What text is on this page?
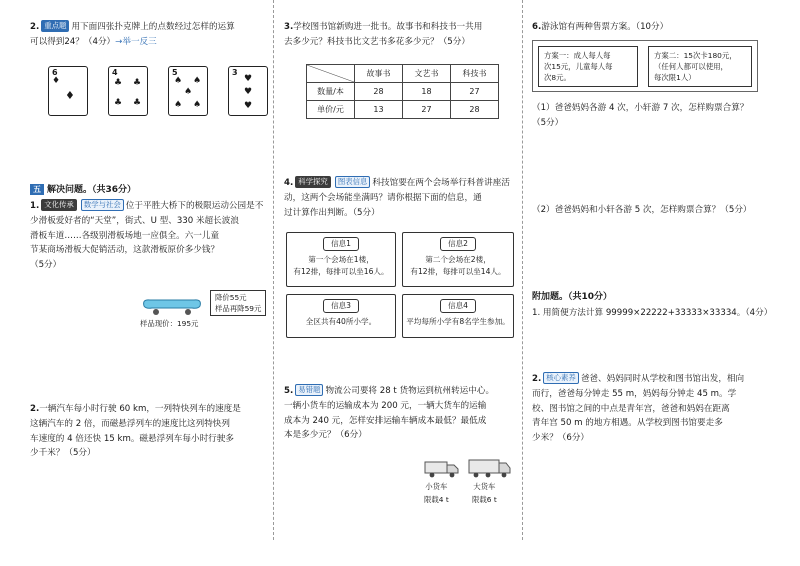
2. 重点题 用下面四张扑克牌上的点数经过怎样的运算
可以得到24？（4分）→举一反三
6
♦
♦
4
♣ ♣
♣ ♣
5
♠ ♠
♠
♠ ♠
3
♥
♥
♥
五 解决问题。（共36分）
1. 文化传承 数学与社会 位于平胜大桥下的极限运动公园是不
少滑板爱好者的“天堂”，街式、U 型、330 米超长波浪
滑板车道……各级别滑板场地一应俱全。六一儿童
节某商场滑板大促销活动，这款滑板原价多少钱？
（5分）
降价55元
样品再降59元
样品现价：195元
2.一辆汽车每小时行驶 60 km，一列特快列车的速度是
这辆汽车的 2 倍，而磁悬浮列车的速度比这列特快列
车速度的 4 倍还快 15 km。磁悬浮列车每小时行驶多
少千米？（5分）
3.学校图书馆新购进一批书。故事书和科技书一共用
去多少元？科技书比文艺书多花多少元？（5分）
	故事书	文艺书	科技书
数量/本	28	18	27
单价/元	13	27	28
4. 科学探究 图表信息 科技馆要在两个会场举行科普讲座活
动，这两个会场能坐满吗？请你根据下面的信息，通
过计算作出判断。（5分）
信息1
第一个会场在1楼，
有12排，每排可以坐16人。
信息2
第二个会场在2楼，
有12排，每排可以坐14人。
信息3
全区共有40所小学。
信息4
平均每所小学有8名学生参加。
5. 易错题 物流公司要将 28 t 货物运到杭州转运中心。
一辆小货车的运输成本为 200 元，一辆大货车的运输
成本为 240 元，怎样安排运输车辆成本最低？最低成
本是多少元？（6分）
小货车
限载4 t
大货车
限载6 t
6.游泳馆有两种售票方案。（10分）
方案一：成人每人每
次15元，儿童每人每
次8元。
方案二：15次卡180元，
（任何人都可以使用，
每次限1人）
（1）爸爸妈妈各游 4 次，小轩游 7 次，怎样购票合算？
（5分）
（2）爸爸妈妈和小轩各游 5 次，怎样购票合算？（5分）
附加题。（共10分）
1. 用简便方法计算 99999×22222+33333×33334。（4分）
2. 核心素养 爸爸、妈妈同时从学校和图书馆出发，相向
而行，爸爸每分钟走 55 m，妈妈每分钟走 45 m。学
校、图书馆之间的中点是青年宫，爸爸和妈妈在距离
青年宫 50 m 的地方相遇。从学校到图书馆要走多
少米？（6分）
